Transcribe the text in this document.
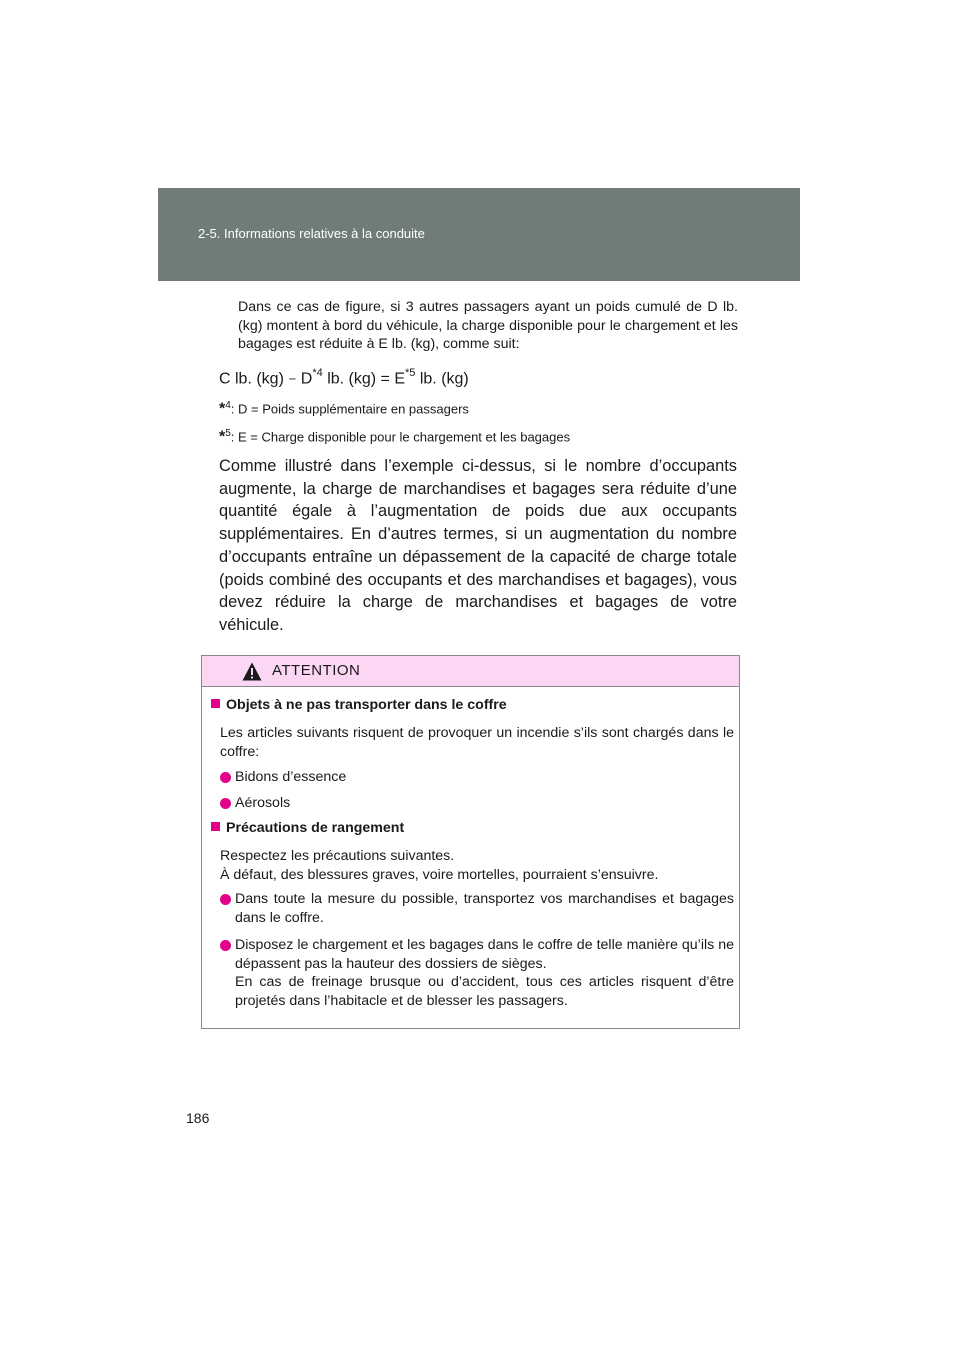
2-5. Informations relatives à la conduite
Dans ce cas de figure, si 3 autres passagers ayant un poids cumulé de D lb. (kg) montent à bord du véhicule, la charge disponible pour le chargement et les bagages est réduite à E lb. (kg), comme suit:
C lb. $(kg) - D^{*4}$ lb. $(kg) = E^{*5}$ lb. (kg)
*$^4$: D = Poids supplémentaire en passagers
*$^5$: E = Charge disponible pour le chargement et les bagages
Comme illustré dans l’exemple ci-dessus, si le nombre d’occupants augmente, la charge de marchandises et bagages sera réduite d’une quantité égale à l’augmentation de poids due aux occupants supplémentaires. En d’autres termes, si un augmentation du nombre d’occupants entraîne un dépassement de la capacité de charge totale (poids combiné des occupants et des marchandises et bagages), vous devez réduire la charge de marchandises et bagages de votre véhicule.
ATTENTION
Objets à ne pas transporter dans le coffre
Les articles suivants risquent de provoquer un incendie s’ils sont chargés dans le coffre:
Bidons d’essence
Aérosols
Précautions de rangement
Respectez les précautions suivantes.
À défaut, des blessures graves, voire mortelles, pourraient s’ensuivre.
Dans toute la mesure du possible, transportez vos marchandises et bagages dans le coffre.
Disposez le chargement et les bagages dans le coffre de telle manière qu’ils ne dépassent pas la hauteur des dossiers de sièges.
En cas de freinage brusque ou d’accident, tous ces articles risquent d’être projetés dans l’habitacle et de blesser les passagers.
186
